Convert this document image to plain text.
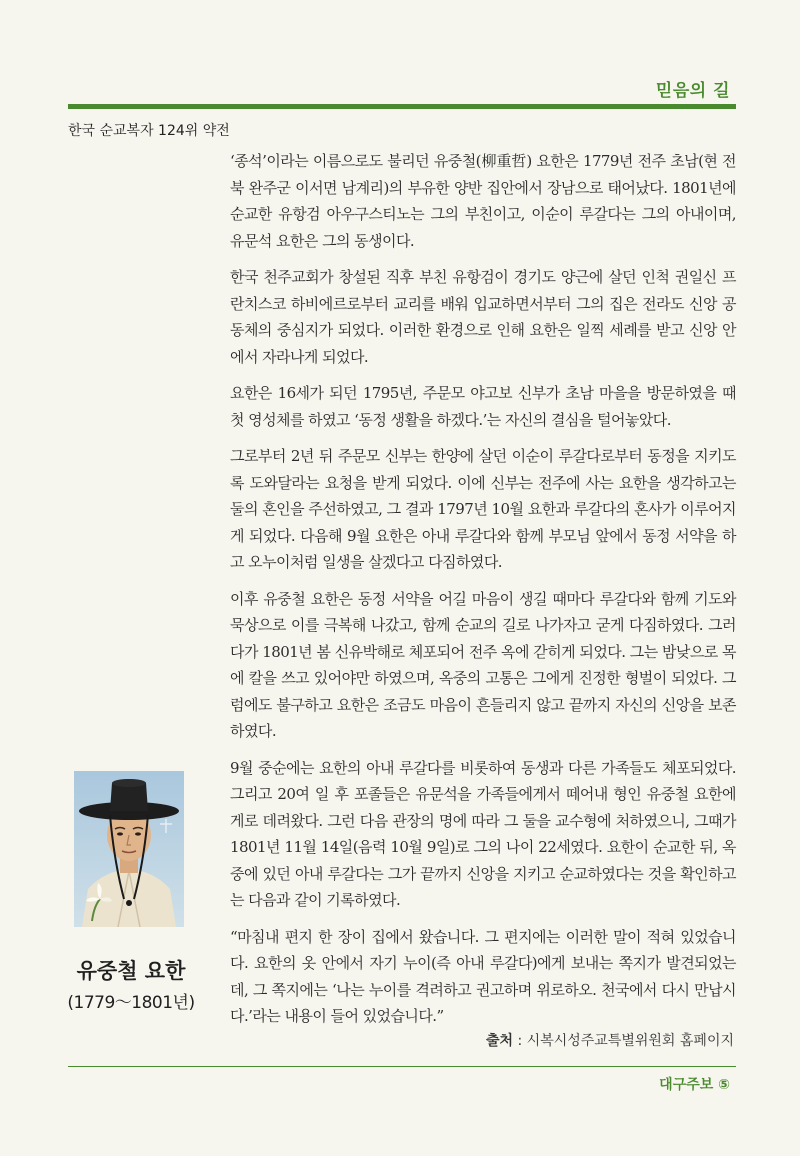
믿음의 길
한국 순교복자 124위 약전

‘종석’이라는 이름으로도 불리던 유중철(柳重哲) 요한은 1779년 전주 초남(현 전북 완주군 이서면 남계리)의 부유한 양반 집안에서 장남으로 태어났다. 1801년에 순교한 유항검 아우구스티노는 그의 부친이고, 이순이 루갈다는 그의 아내이며, 유문석 요한은 그의 동생이다.

한국 천주교회가 창설된 직후 부친 유항검이 경기도 양근에 살던 인척 권일신 프란치스코 하비에르로부터 교리를 배워 입교하면서부터 그의 집은 전라도 신앙 공동체의 중심지가 되었다. 이러한 환경으로 인해 요한은 일찍 세례를 받고 신앙 안에서 자라나게 되었다.

요한은 16세가 되던 1795년, 주문모 야고보 신부가 초남 마을을 방문하였을 때 첫 영성체를 하였고 ‘동정 생활을 하겠다.’는 자신의 결심을 털어놓았다.

그로부터 2년 뒤 주문모 신부는 한양에 살던 이순이 루갈다로부터 동정을 지키도록 도와달라는 요청을 받게 되었다. 이에 신부는 전주에 사는 요한을 생각하고는 둘의 혼인을 주선하였고, 그 결과 1797년 10월 요한과 루갈다의 혼사가 이루어지게 되었다. 다음해 9월 요한은 아내 루갈다와 함께 부모님 앞에서 동정 서약을 하고 오누이처럼 일생을 살겠다고 다짐하였다.

이후 유중철 요한은 동정 서약을 어길 마음이 생길 때마다 루갈다와 함께 기도와 묵상으로 이를 극복해 나갔고, 함께 순교의 길로 나가자고 굳게 다짐하였다. 그러다가 1801년 봄 신유박해로 체포되어 전주 옥에 갇히게 되었다. 그는 밤낮으로 목에 칼을 쓰고 있어야만 하였으며, 옥중의 고통은 그에게 진정한 형벌이 되었다. 그럼에도 불구하고 요한은 조금도 마음이 흔들리지 않고 끝까지 자신의 신앙을 보존하였다.

9월 중순에는 요한의 아내 루갈다를 비롯하여 동생과 다른 가족들도 체포되었다. 그리고 20여 일 후 포졸들은 유문석을 가족들에게서 떼어내 형인 유중철 요한에게로 데려왔다. 그런 다음 관장의 명에 따라 그 둘을 교수형에 처하였으니, 그때가 1801년 11월 14일(음력 10월 9일)로 그의 나이 22세였다. 요한이 순교한 뒤, 옥중에 있던 아내 루갈다는 그가 끝까지 신앙을 지키고 순교하였다는 것을 확인하고는 다음과 같이 기록하였다.

“마침내 편지 한 장이 집에서 왔습니다. 그 편지에는 이러한 말이 적혀 있었습니다. 요한의 옷 안에서 자기 누이(즉 아내 루갈다)에게 보내는 쪽지가 발견되었는데, 그 쪽지에는 ‘나는 누이를 격려하고 권고하며 위로하오. 천국에서 다시 만납시다.’라는 내용이 들어 있었습니다.”

유중철 요한
(1779～1801년)
출처 : 시복시성주교특별위원회 홈페이지
대구주보 ⑤
